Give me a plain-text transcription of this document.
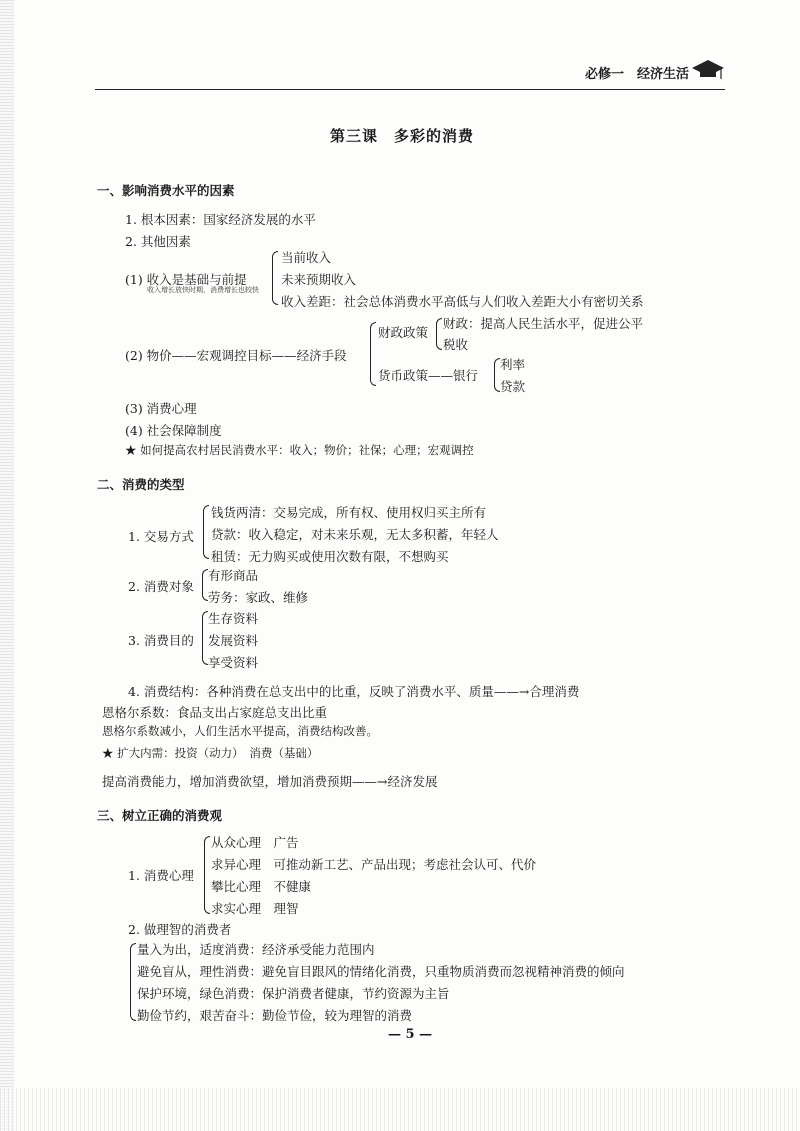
必修一　经济生活
第三课　多彩的消费
一、影响消费水平的因素
1. 根本因素：国家经济发展的水平
2. 其他因素
(1) 收入是基础与前提
收入增长放快时期，消费增长也较快
当前收入
未来预期收入
收入差距：社会总体消费水平高低与人们收入差距大小有密切关系
(2) 物价——宏观调控目标——经济手段
财政政策
财政：提高人民生活水平，促进公平
税收
货币政策——银行
利率
贷款
(3) 消费心理
(4) 社会保障制度
★ 如何提高农村居民消费水平：收入；物价；社保；心理；宏观调控
二、消费的类型
1. 交易方式
钱货两清：交易完成，所有权、使用权归买主所有
贷款：收入稳定，对未来乐观，无太多积蓄，年轻人
租赁：无力购买或使用次数有限，不想购买
2. 消费对象
有形商品
劳务：家政、维修
3. 消费目的
生存资料
发展资料
享受资料
4. 消费结构：各种消费在总支出中的比重，反映了消费水平、质量——→合理消费
恩格尔系数：食品支出占家庭总支出比重
恩格尔系数减小，人们生活水平提高，消费结构改善。
★ 扩大内需：投资（动力）　消费（基础）
提高消费能力，增加消费欲望，增加消费预期——→经济发展
三、树立正确的消费观
1. 消费心理
从众心理　广告
求异心理　可推动新工艺、产品出现；考虑社会认可、代价
攀比心理　不健康
求实心理　理智
2. 做理智的消费者
量入为出，适度消费：经济承受能力范围内
避免盲从，理性消费：避免盲目跟风的情绪化消费，只重物质消费而忽视精神消费的倾向
保护环境，绿色消费：保护消费者健康，节约资源为主旨
勤俭节约，艰苦奋斗：勤俭节俭，较为理智的消费
— 5 —
